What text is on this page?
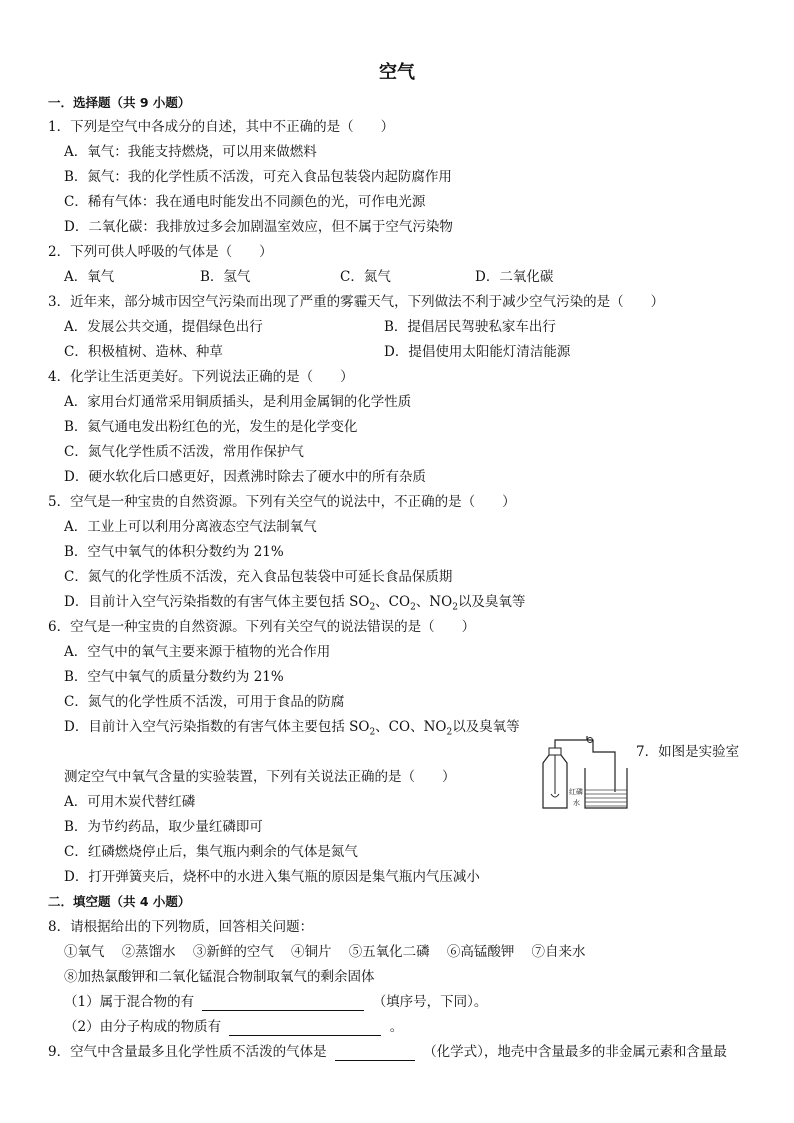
空气
一．选择题（共 9 小题）
1．下列是空气中各成分的自述，其中不正确的是（　　）
A．氧气：我能支持燃烧，可以用来做燃料
B．氮气：我的化学性质不活泼，可充入食品包装袋内起防腐作用
C．稀有气体：我在通电时能发出不同颜色的光，可作电光源
D．二氧化碳：我排放过多会加剧温室效应，但不属于空气污染物
2．下列可供人呼吸的气体是（　　）
A．氧气	B．氢气	C．氮气	D．二氧化碳
3．近年来，部分城市因空气污染而出现了严重的雾霾天气，下列做法不利于减少空气污染的是（　　）
A．发展公共交通，提倡绿色出行	B．提倡居民驾驶私家车出行
C．积极植树、造林、种草	D．提倡使用太阳能灯清洁能源
4．化学让生活更美好。下列说法正确的是（　　）
A．家用台灯通常采用铜质插头，是利用金属铜的化学性质
B．氦气通电发出粉红色的光，发生的是化学变化
C．氮气化学性质不活泼，常用作保护气
D．硬水软化后口感更好，因煮沸时除去了硬水中的所有杂质
5．空气是一种宝贵的自然资源。下列有关空气的说法中，不正确的是（　　）
A．工业上可以利用分离液态空气法制氧气
B．空气中氧气的体积分数约为 21%
C．氮气的化学性质不活泼，充入食品包装袋中可延长食品保质期
D．目前计入空气污染指数的有害气体主要包括 $SO_2$、$CO_2$、$NO_2$以及臭氧等
6．空气是一种宝贵的自然资源。下列有关空气的说法错误的是（　　）
A．空气中的氧气主要来源于植物的光合作用
B．空气中氧气的质量分数约为 21%
C．氮气的化学性质不活泼，可用于食品的防腐
D．目前计入空气污染指数的有害气体主要包括 $SO_2$、CO、$NO_2$以及臭氧等
7．如图是实验室
红磷
水
测定空气中氧气含量的实验装置，下列有关说法正确的是（　　）
A．可用木炭代替红磷
B．为节约药品，取少量红磷即可
C．红磷燃烧停止后，集气瓶内剩余的气体是氮气
D．打开弹簧夹后，烧杯中的水进入集气瓶的原因是集气瓶内气压减小
二．填空题（共 4 小题）
8．请根据给出的下列物质，回答相关问题：
①氧气 ②蒸馏水 ③新鲜的空气 ④铜片 ⑤五氧化二磷 ⑥高锰酸钾 ⑦自来水
⑧加热氯酸钾和二氧化锰混合物制取氧气的剩余固体
（1）属于混合物的有	（填序号，下同）。
（2）由分子构成的物质有	。
9．空气中含量最多且化学性质不活泼的气体是	（化学式），地壳中含量最多的非金属元素和含量最
